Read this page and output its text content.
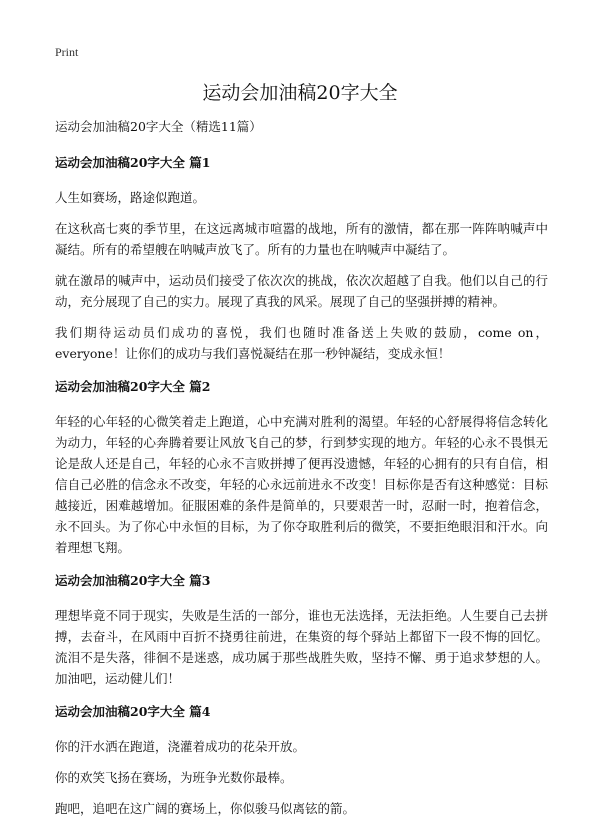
Print
运动会加油稿20字大全

运动会加油稿20字大全（精选11篇）

运动会加油稿20字大全 篇1

人生如赛场，路途似跑道。

在这秋高七爽的季节里，在这远离城市喧嚣的战地，所有的激情，都在那一阵阵呐喊声中凝结。所有的希望艘在呐喊声放飞了。所有的力量也在呐喊声中凝结了。

就在激昂的喊声中，运动员们接受了依次次的挑战，依次次超越了自我。他们以自己的行动，充分展现了自己的实力。展现了真我的风采。展现了自己的坚强拼搏的精神。

我们期待运动员们成功的喜悦，我们也随时准备送上失败的鼓励，come on，everyone！让你们的成功与我们喜悦凝结在那一秒钟凝结，变成永恒！

运动会加油稿20字大全 篇2

年轻的心年轻的心微笑着走上跑道，心中充满对胜利的渴望。年轻的心舒展得将信念转化为动力，年轻的心奔腾着要让风放飞自己的梦，行到梦实现的地方。年轻的心永不畏惧无论是敌人还是自己，年轻的心永不言败拼搏了便再没遗憾，年轻的心拥有的只有自信，相信自己必胜的信念永不改变，年轻的心永远前进永不改变！目标你是否有这种感觉：目标越接近，困难越增加。征服困难的条件是简单的，只要艰苦一时，忍耐一时，抱着信念，永不回头。为了你心中永恒的目标，为了你夺取胜利后的微笑，不要拒绝眼泪和汗水。向着理想飞翔。

运动会加油稿20字大全 篇3

理想毕竟不同于现实，失败是生活的一部分，谁也无法选择，无法拒绝。人生要自己去拼搏，去奋斗，在风雨中百折不挠勇往前进，在集资的每个驿站上都留下一段不悔的回忆。流泪不是失落，徘徊不是迷惑，成功属于那些战胜失败，坚持不懈、勇于追求梦想的人。加油吧，运动健儿们！

运动会加油稿20字大全 篇4

你的汗水洒在跑道，浇灌着成功的花朵开放。

你的欢笑飞扬在赛场，为班争光数你最棒。

跑吧，追吧在这广阔的赛场上，你似骏马似离铉的箭。
